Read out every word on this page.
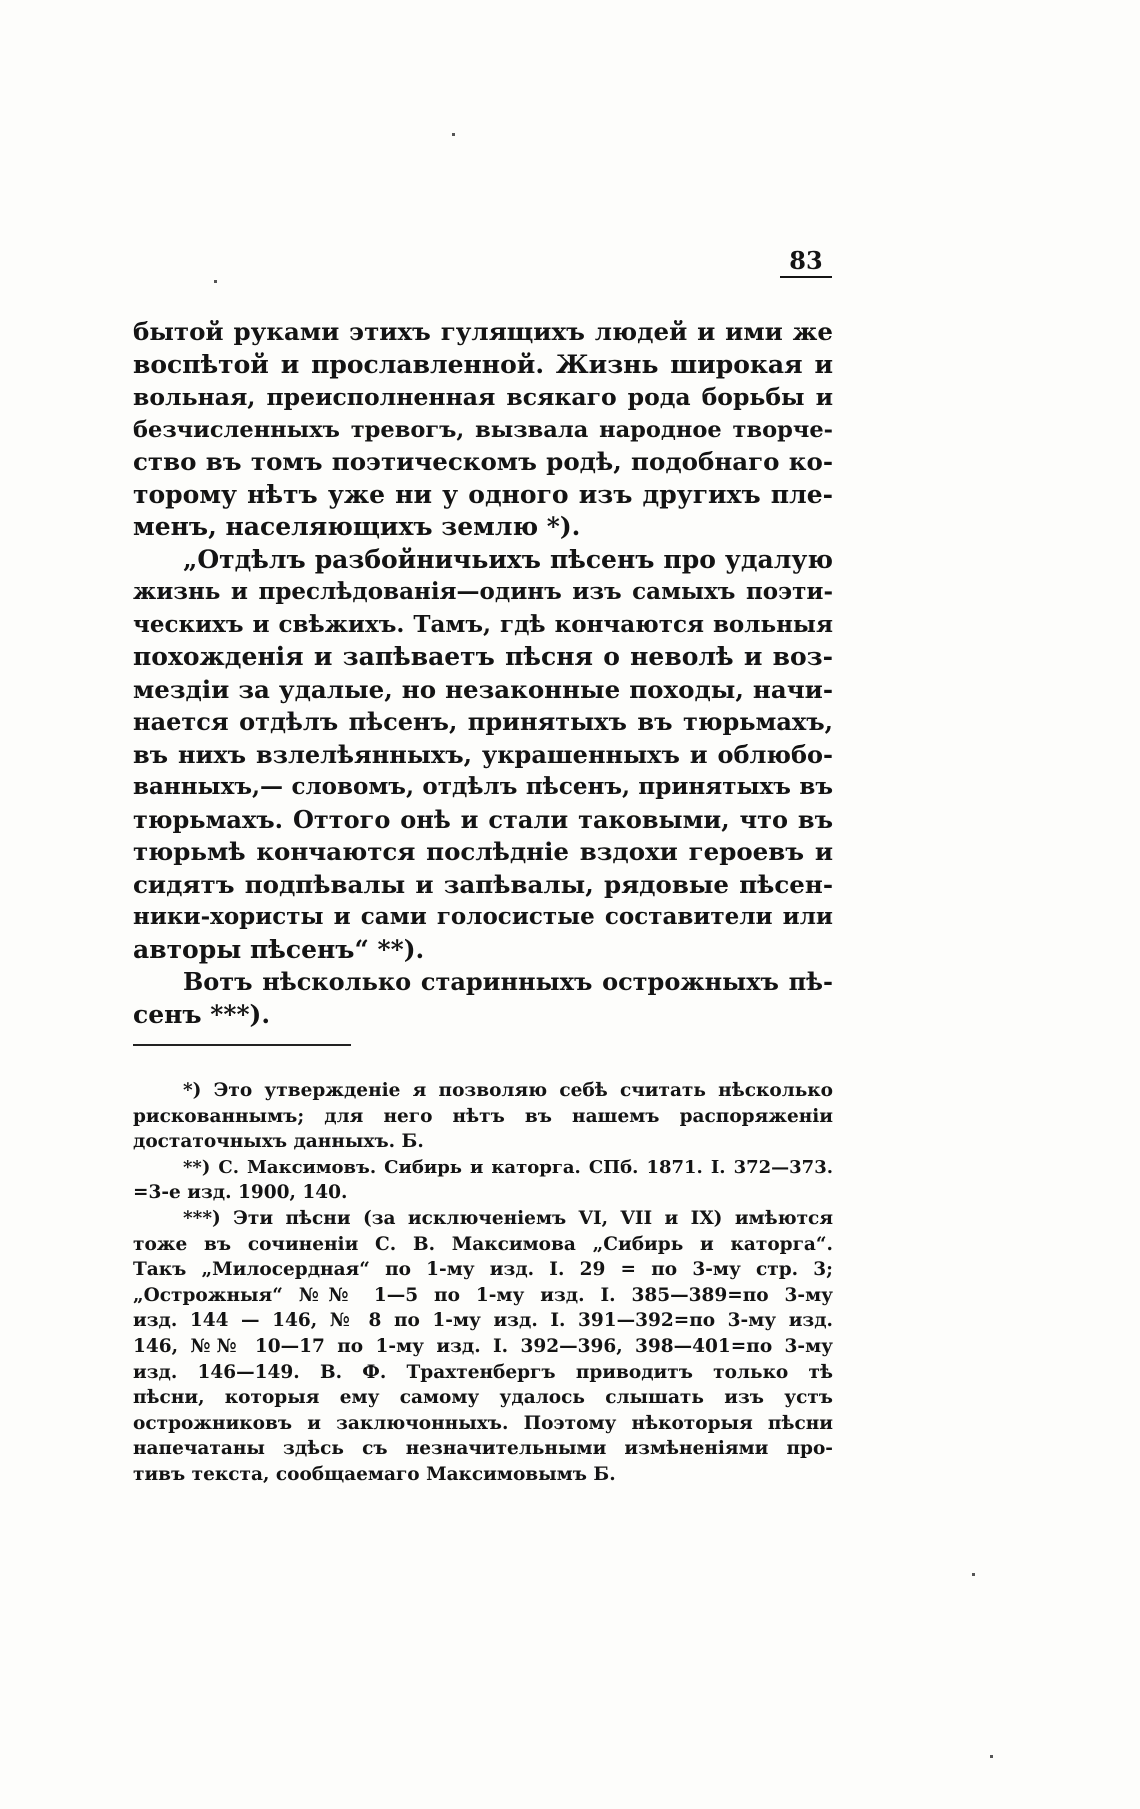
83
бытой руками этихъ гулящихъ людей и ими же
воспѣтой и прославленной. Жизнь широкая и
вольная, преисполненная всякаго рода борьбы и
безчисленныхъ тревогъ, вызвала народное творче-
ство въ томъ поэтическомъ родѣ, подобнаго ко-
торому нѣтъ уже ни у одного изъ другихъ пле-
менъ, населяющихъ землю *).
„Отдѣлъ разбойничьихъ пѣсенъ про удалую
жизнь и преслѣдованія—одинъ изъ самыхъ поэти-
ческихъ и свѣжихъ. Тамъ, гдѣ кончаются вольныя
похожденія и запѣваетъ пѣсня о неволѣ и воз-
мездіи за удалые, но незаконные походы, начи-
нается отдѣлъ пѣсенъ, принятыхъ въ тюрьмахъ,
въ нихъ взлелѣянныхъ, украшенныхъ и облюбо-
ванныхъ,— словомъ, отдѣлъ пѣсенъ, принятыхъ въ
тюрьмахъ. Оттого онѣ и стали таковыми, что въ
тюрьмѣ кончаются послѣдніе вздохи героевъ и
сидятъ подпѣвалы и запѣвалы, рядовые пѣсен-
ники-хористы и сами голосистые составители или
авторы пѣсенъ“ **).
Вотъ нѣсколько старинныхъ острожныхъ пѣ-
сенъ ***).
*) Это утвержденіе я позволяю себѣ считать нѣсколько
рискованнымъ; для него нѣтъ въ нашемъ распоряженіи
достаточныхъ данныхъ. Б.
**) С. Максимовъ. Сибирь и каторга. СПб. 1871. I. 372—373.
=3-е изд. 1900, 140.
***) Эти пѣсни (за исключеніемъ VI, VII и IX) имѣются
тоже въ сочиненіи С. В. Максимова „Сибирь и каторга“.
Такъ „Милосердная“ по 1-му изд. I. 29 = по 3-му стр. 3;
„Острожныя“ №№ 1—5 по 1-му изд. I. 385—389=по 3-му
изд. 144 — 146, № 8 по 1-му изд. I. 391—392=по 3-му изд.
146, №№ 10—17 по 1-му изд. I. 392—396, 398—401=по 3-му
изд. 146—149. В. Ф. Трахтенбергъ приводитъ только тѣ
пѣсни, которыя ему самому удалось слышать изъ устъ
острожниковъ и заключонныхъ. Поэтому нѣкоторыя пѣсни
напечатаны здѣсь съ незначительными измѣненіями про-
тивъ текста, сообщаемаго Максимовымъ Б.
